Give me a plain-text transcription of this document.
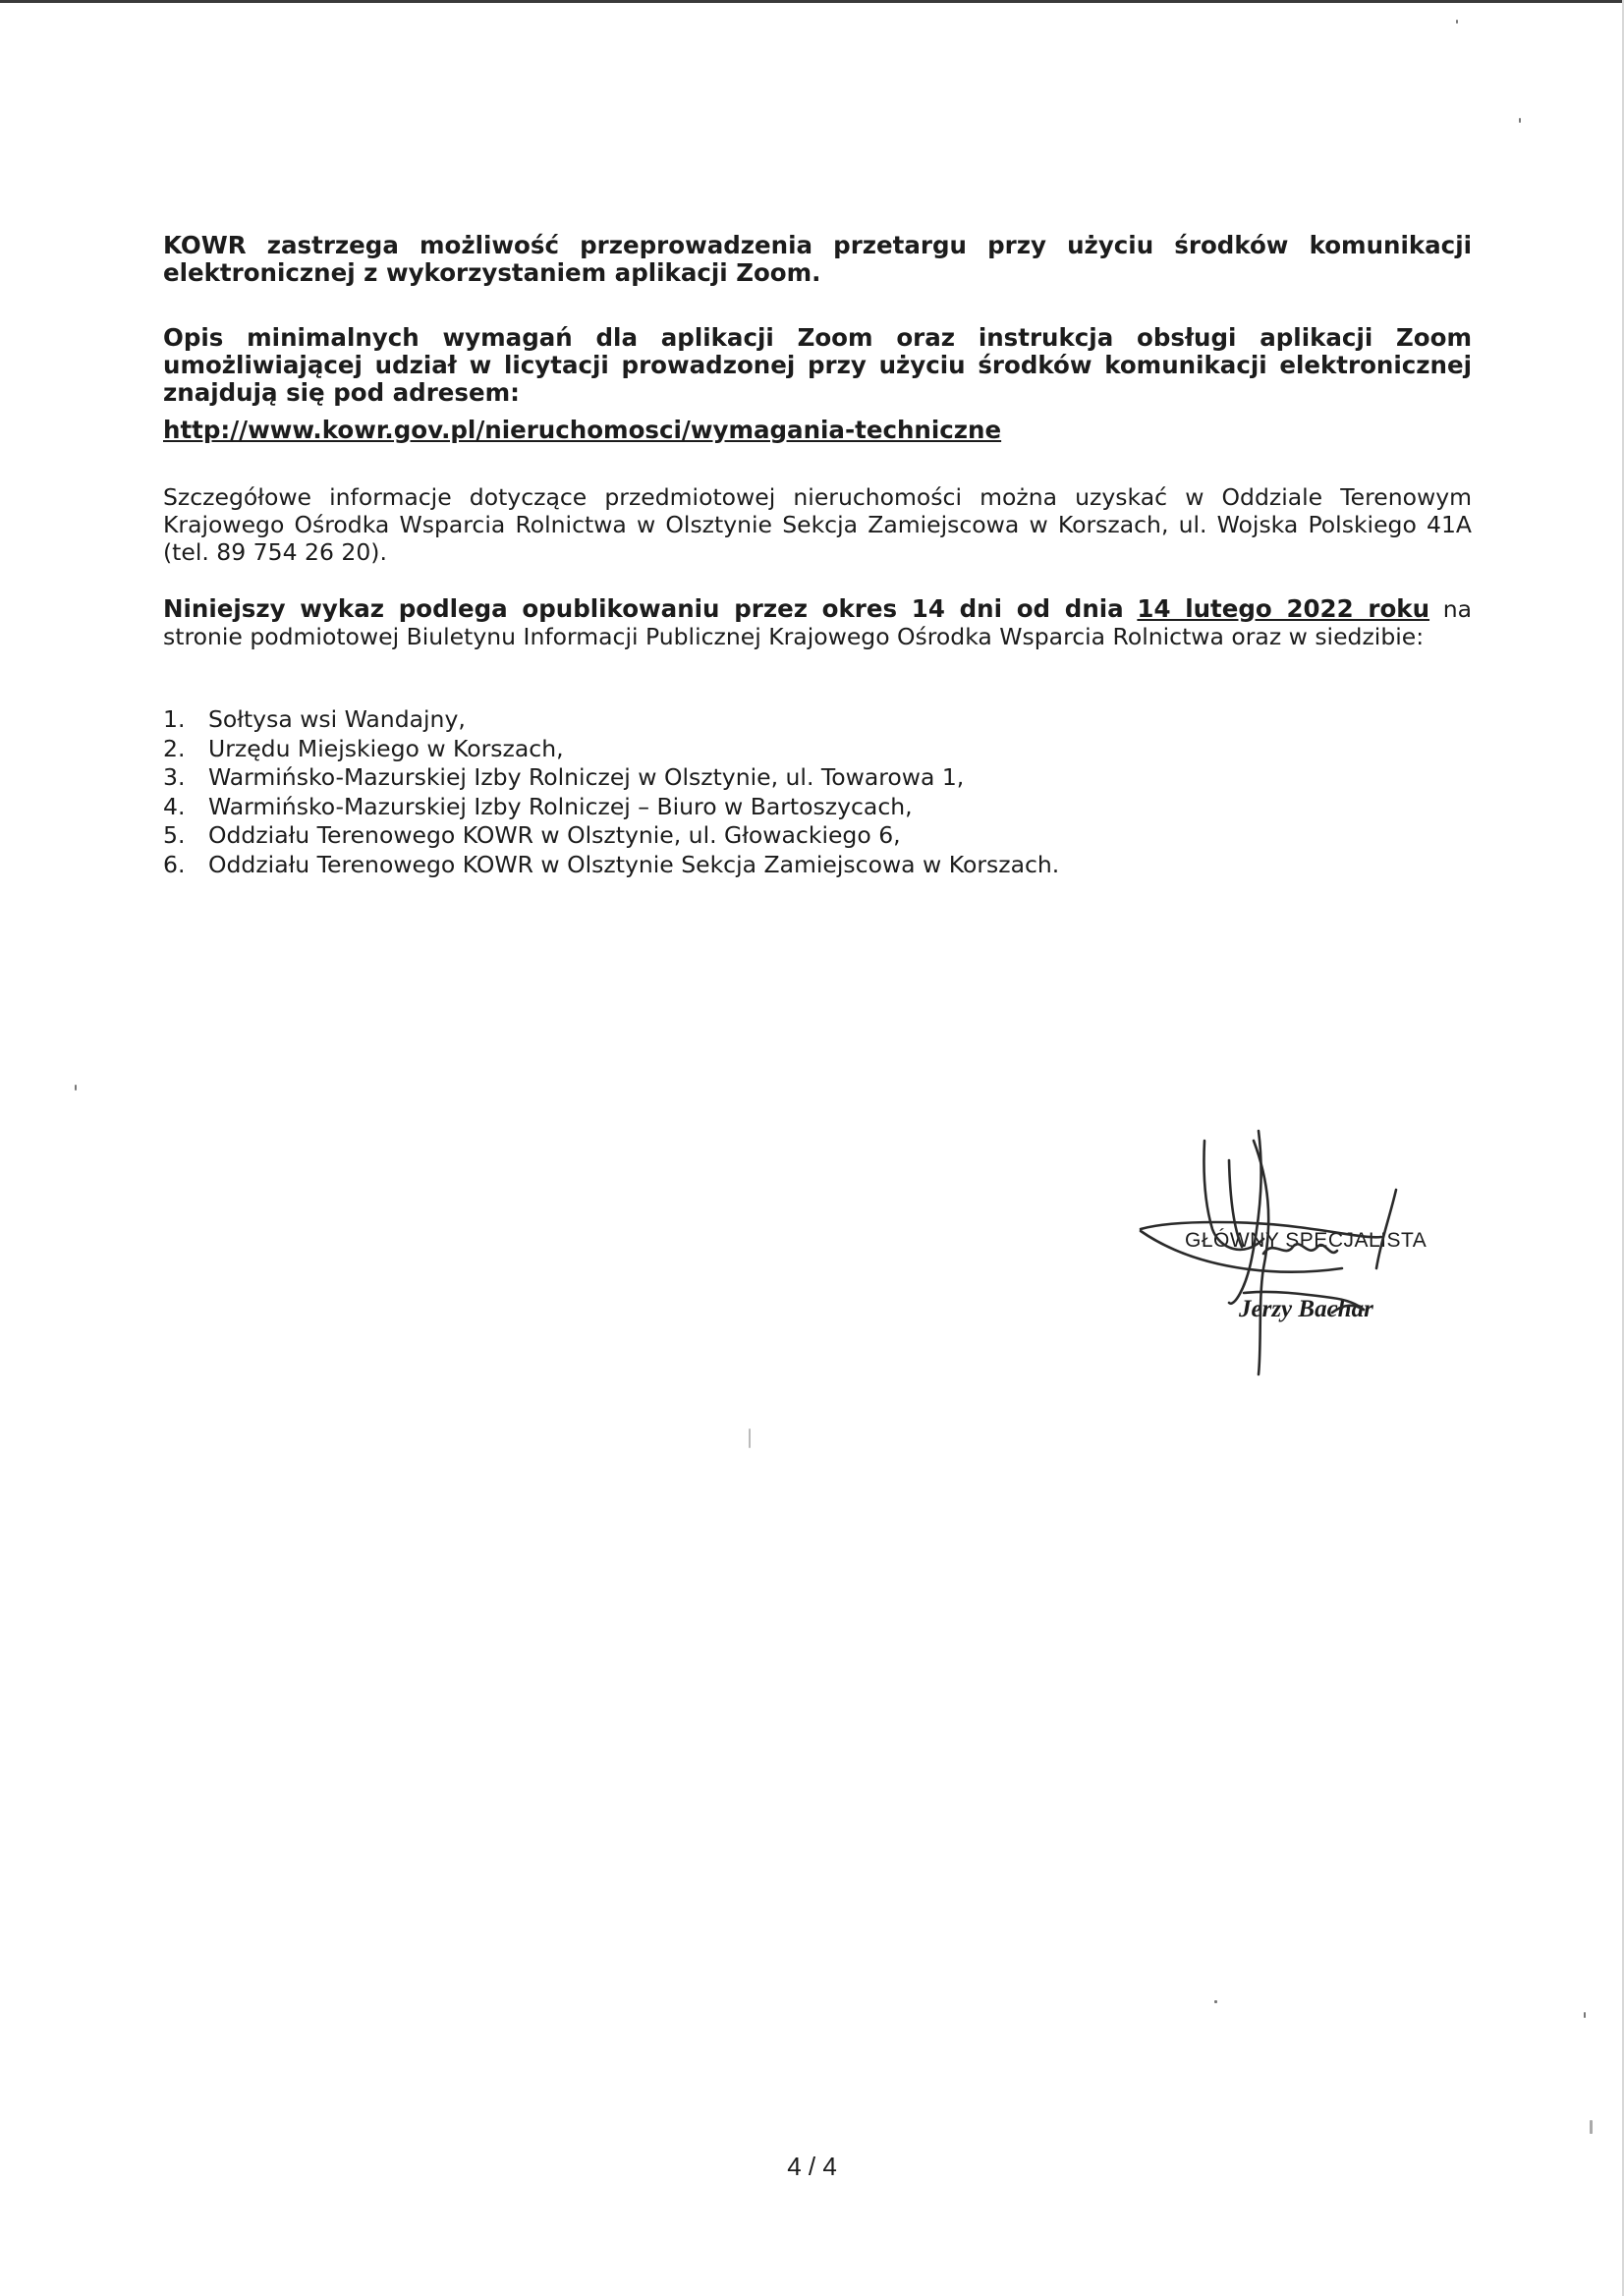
KOWR zastrzega możliwość przeprowadzenia przetargu przy użyciu środków komunikacji elektronicznej z wykorzystaniem aplikacji Zoom.

Opis minimalnych wymagań dla aplikacji Zoom oraz instrukcja obsługi aplikacji Zoom umożliwiającej udział w licytacji prowadzonej przy użyciu środków komunikacji elektronicznej znajdują się pod adresem:

http://www.kowr.gov.pl/nieruchomosci/wymagania-techniczne

Szczegółowe informacje dotyczące przedmiotowej nieruchomości można uzyskać w Oddziale Terenowym Krajowego Ośrodka Wsparcia Rolnictwa w Olsztynie Sekcja Zamiejscowa w Korszach, ul. Wojska Polskiego 41A (tel. 89 754 26 20).

Niniejszy wykaz podlega opublikowaniu przez okres 14 dni od dnia 14 lutego 2022 roku na stronie podmiotowej Biuletynu Informacji Publicznej Krajowego Ośrodka Wsparcia Rolnictwa oraz w siedzibie:

1.	Sołtysa wsi Wandajny,
2.	Urzędu Miejskiego w Korszach,
3.	Warmińsko-Mazurskiej Izby Rolniczej w Olsztynie, ul. Towarowa 1,
4.	Warmińsko-Mazurskiej Izby Rolniczej – Biuro w Bartoszycach,
5.	Oddziału Terenowego KOWR w Olsztynie, ul. Głowackiego 6,
6.	Oddziału Terenowego KOWR w Olsztynie Sekcja Zamiejscowa w Korszach.
GŁÓWNY SPECJALISTA
Jerzy Bachar
4 / 4
